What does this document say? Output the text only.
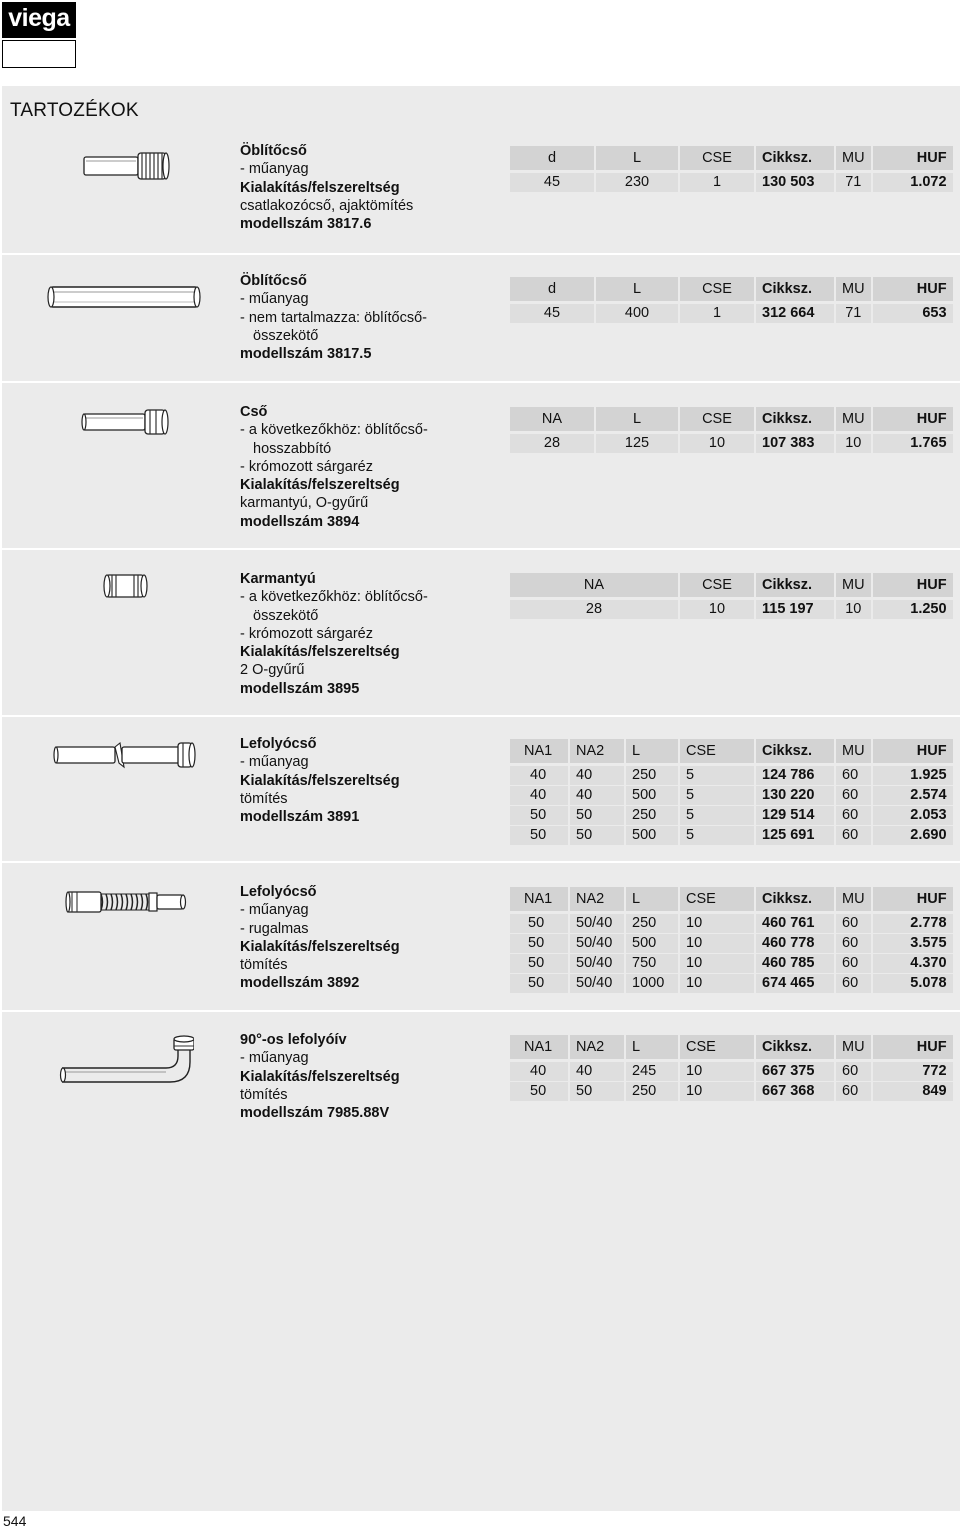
viega
TARTOZÉKOK
Öblítőcső
- műanyag
Kialakítás/felszereltség
csatlakozócső, ajaktömítés
modellszám 3817.6
d	L	CSE	Cikksz.	MU	HUF
45	230	1	130 503	71	1.072
Öblítőcső
- műanyag
- nem tartalmazza: öblítőcső-
összekötő
modellszám 3817.5
d	L	CSE	Cikksz.	MU	HUF
45	400	1	312 664	71	653
Cső
- a következőkhöz: öblítőcső-
hosszabbító
- krómozott sárgaréz
Kialakítás/felszereltség
karmantyú, O-gyűrű
modellszám 3894
NA	L	CSE	Cikksz.	MU	HUF
28	125	10	107 383	10	1.765
Karmantyú
- a következőkhöz: öblítőcső-
összekötő
- krómozott sárgaréz
Kialakítás/felszereltség
2 O-gyűrű
modellszám 3895
NA	CSE	Cikksz.	MU	HUF
28	10	115 197	10	1.250
Lefolyócső
- műanyag
Kialakítás/felszereltség
tömítés
modellszám 3891
NA1	NA2	L	CSE	Cikksz.	MU	HUF
40	40	250	5	124 786	60	1.925
40	40	500	5	130 220	60	2.574
50	50	250	5	129 514	60	2.053
50	50	500	5	125 691	60	2.690
Lefolyócső
- műanyag
- rugalmas
Kialakítás/felszereltség
tömítés
modellszám 3892
NA1	NA2	L	CSE	Cikksz.	MU	HUF
50	50/40	250	10	460 761	60	2.778
50	50/40	500	10	460 778	60	3.575
50	50/40	750	10	460 785	60	4.370
50	50/40	1000	10	674 465	60	5.078
90°-os lefolyóív
- műanyag
Kialakítás/felszereltség
tömítés
modellszám 7985.88V
NA1	NA2	L	CSE	Cikksz.	MU	HUF
40	40	245	10	667 375	60	772
50	50	250	10	667 368	60	849
544
